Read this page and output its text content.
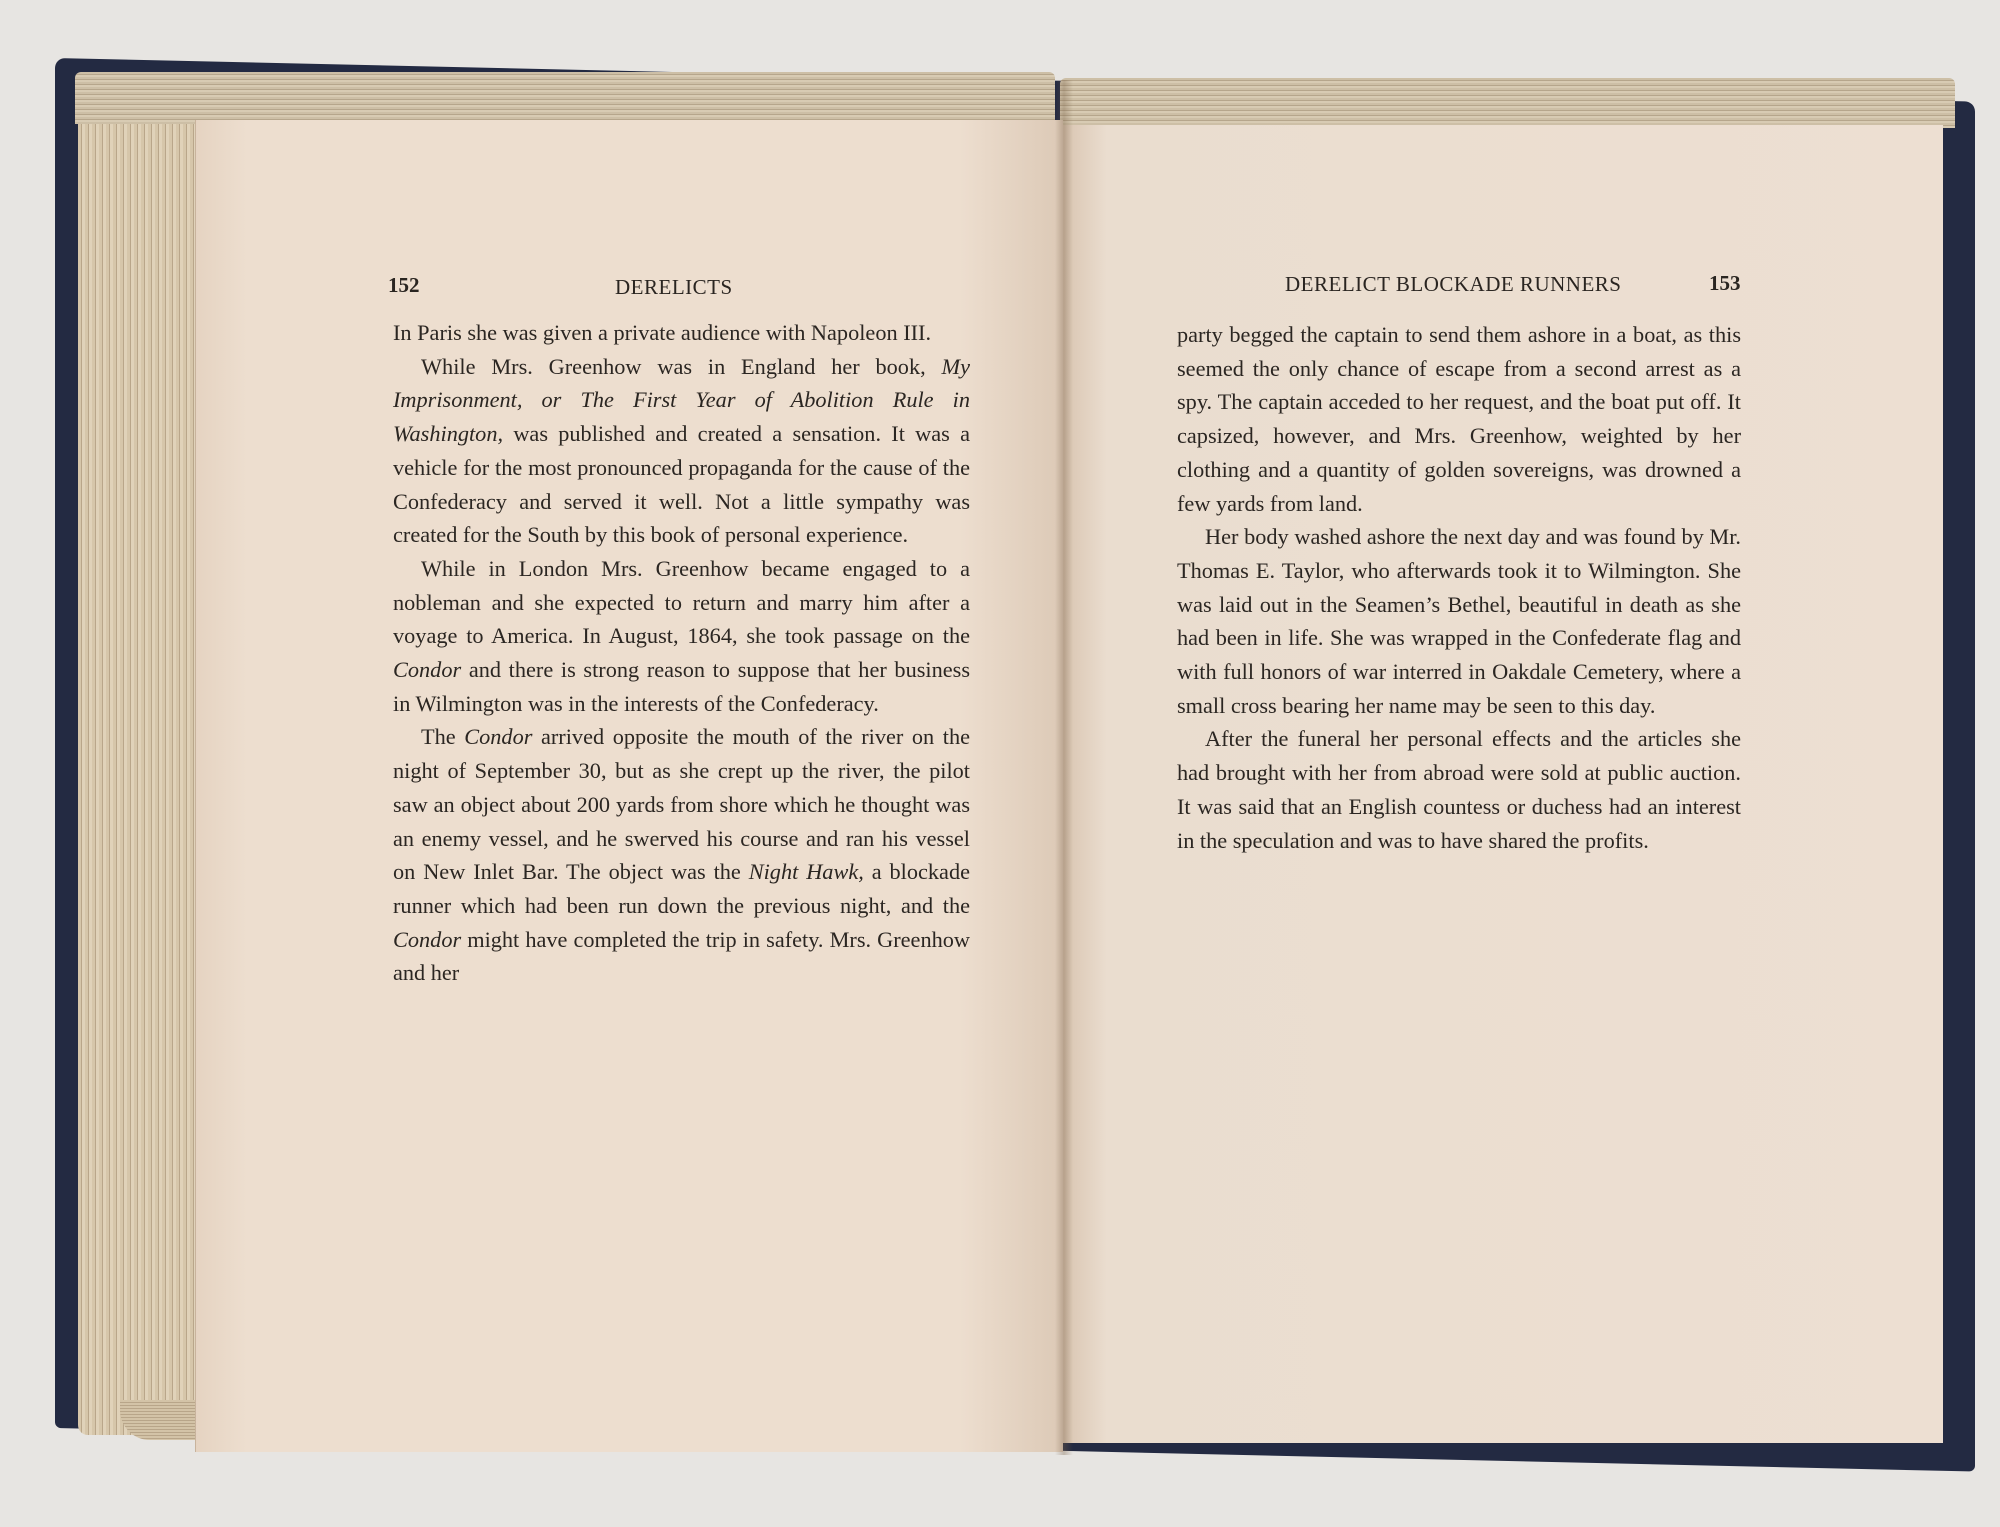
152	DERELICTS

In Paris she was given a private audience with Napoleon III.

While Mrs. Greenhow was in England her book, My Imprisonment, or The First Year of Abolition Rule in Washington, was published and created a sensation. It was a vehicle for the most pronounced propaganda for the cause of the Confederacy and served it well. Not a little sympathy was created for the South by this book of personal experience.

While in London Mrs. Greenhow became engaged to a nobleman and she expected to return and marry him after a voyage to America. In August, 1864, she took passage on the Condor and there is strong reason to suppose that her business in Wilmington was in the interests of the Confederacy.

The Condor arrived opposite the mouth of the river on the night of September 30, but as she crept up the river, the pilot saw an object about 200 yards from shore which he thought was an enemy vessel, and he swerved his course and ran his vessel on New Inlet Bar. The object was the Night Hawk, a blockade runner which had been run down the previous night, and the Condor might have completed the trip in safety. Mrs. Greenhow and her

DERELICT BLOCKADE RUNNERS	153

party begged the captain to send them ashore in a boat, as this seemed the only chance of escape from a second arrest as a spy. The captain acceded to her request, and the boat put off. It capsized, however, and Mrs. Greenhow, weighted by her clothing and a quantity of golden sovereigns, was drowned a few yards from land.

Her body washed ashore the next day and was found by Mr. Thomas E. Taylor, who afterwards took it to Wilmington. She was laid out in the Seamen’s Bethel, beautiful in death as she had been in life. She was wrapped in the Confederate flag and with full honors of war interred in Oakdale Cemetery, where a small cross bearing her name may be seen to this day.

After the funeral her personal effects and the articles she had brought with her from abroad were sold at public auction. It was said that an English countess or duchess had an interest in the speculation and was to have shared the profits.
